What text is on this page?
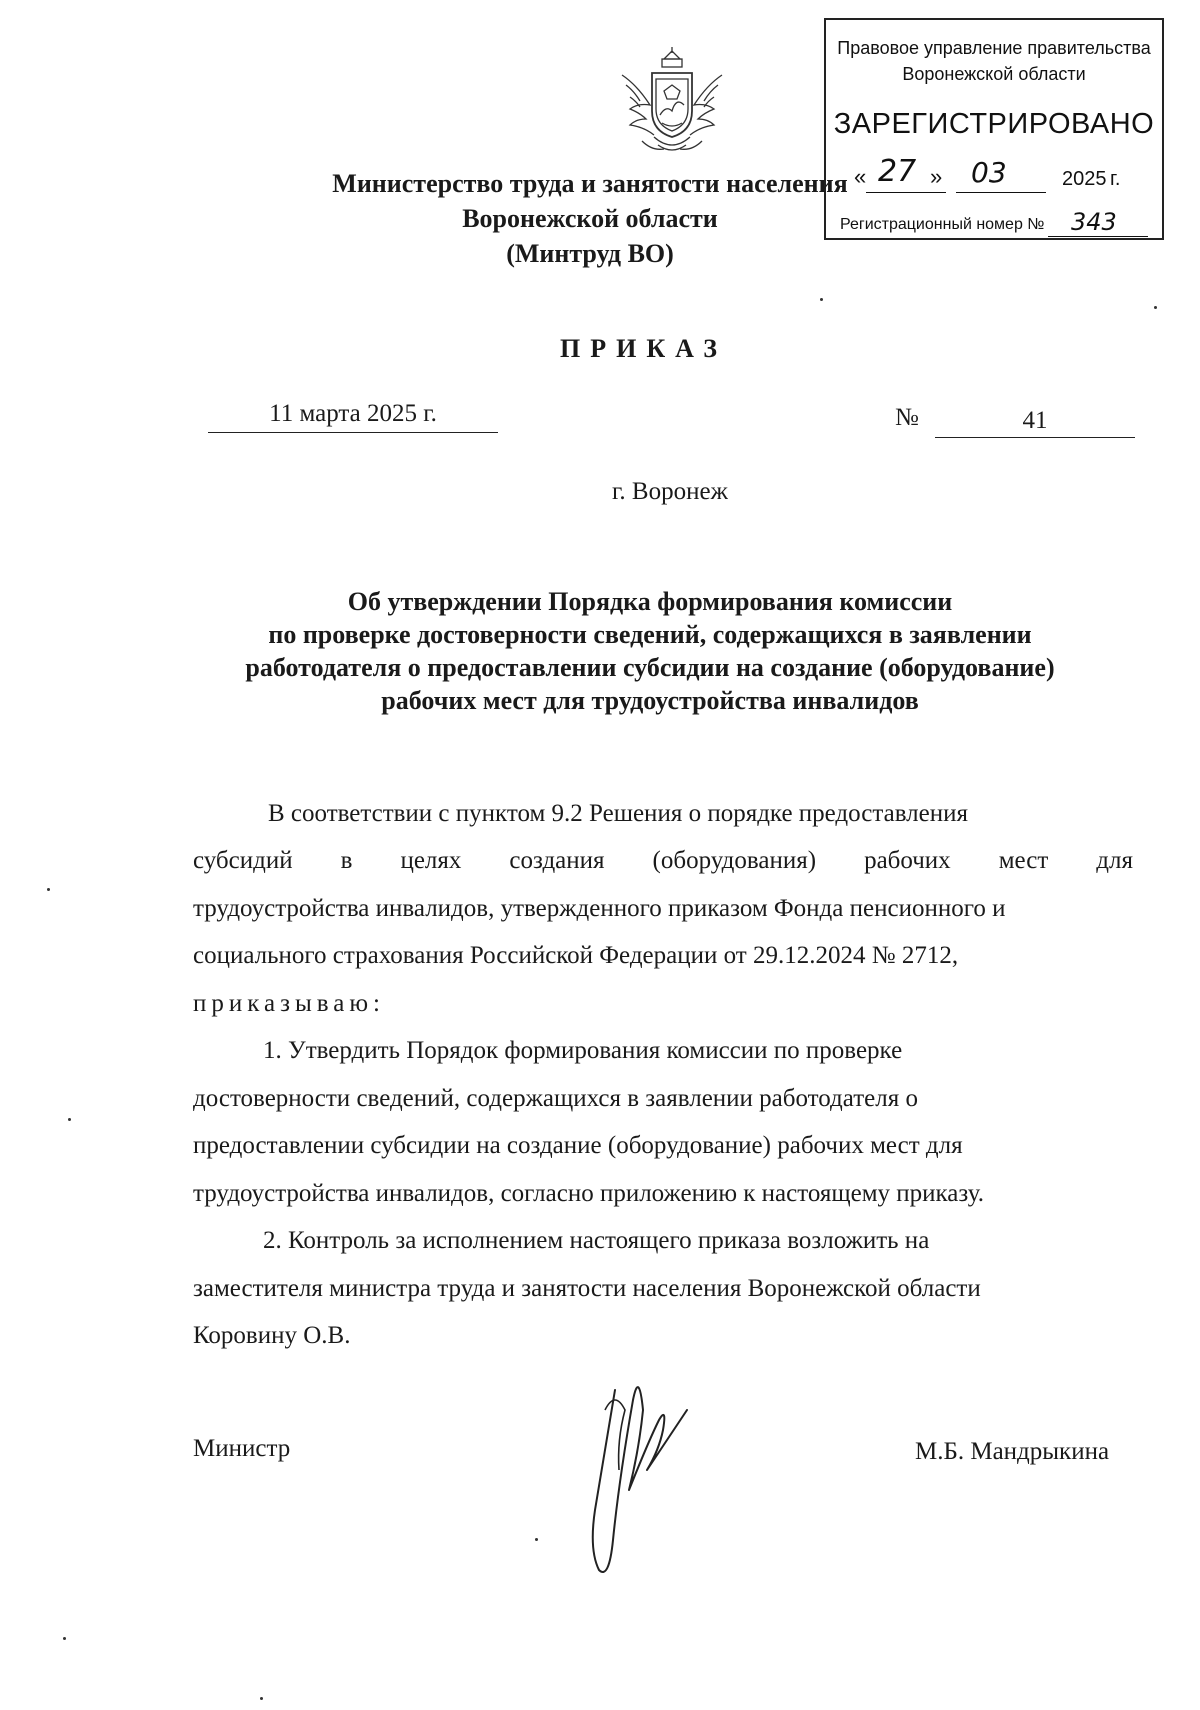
Правовое управление правительства
Воронежской области
ЗАРЕГИСТРИРОВАНО
« 27 » 03	2025 г.
Регистрационный номер № 343
Министерство труда и занятости населения
Воронежской области
(Минтруд ВО)
ПРИКАЗ
11 марта 2025 г.	№	41
г. Воронеж
Об утверждении Порядка формирования комиссии
по проверке достоверности сведений, содержащихся в заявлении
работодателя о предоставлении субсидии на создание (оборудование)
рабочих мест для трудоустройства инвалидов
В соответствии с пунктом 9.2 Решения о порядке предоставления
субсидий в целях создания (оборудования) рабочих мест для
трудоустройства инвалидов, утвержденного приказом Фонда пенсионного и
социального страхования Российской Федерации от 29.12.2024 № 2712,
приказываю:
1. Утвердить Порядок формирования комиссии по проверке
достоверности сведений, содержащихся в заявлении работодателя о
предоставлении субсидии на создание (оборудование) рабочих мест для
трудоустройства инвалидов, согласно приложению к настоящему приказу.
2. Контроль за исполнением настоящего приказа возложить на
заместителя министра труда и занятости населения Воронежской области
Коровину О.В.
Министр	М.Б. Мандрыкина
